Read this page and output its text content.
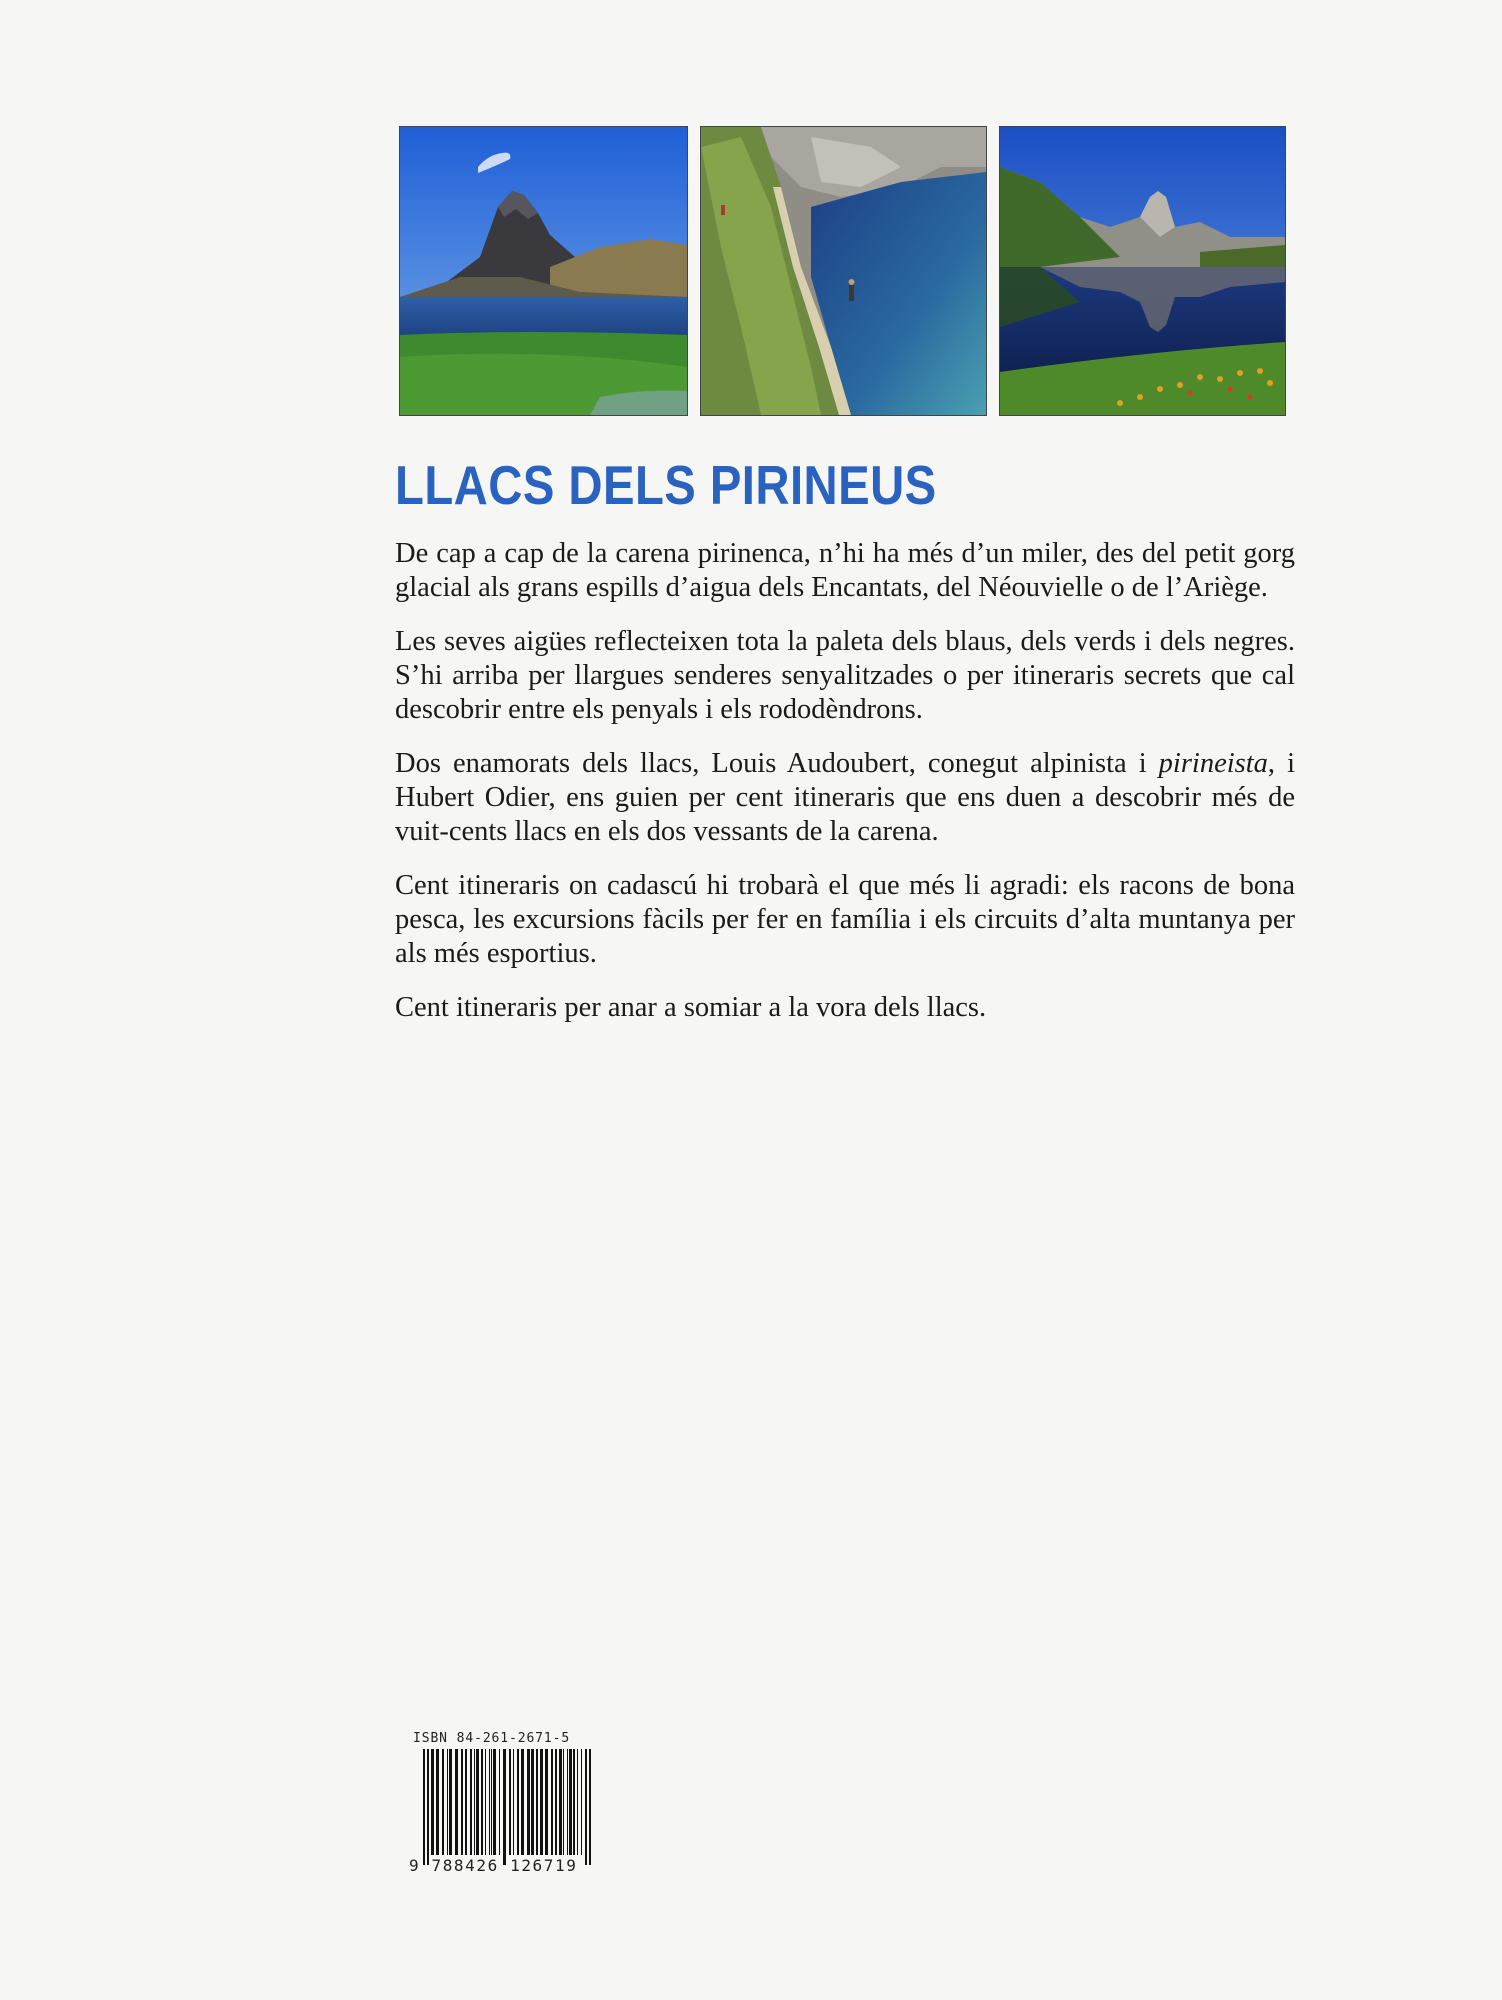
LLACS DELS PIRINEUS

De cap a cap de la carena pirinenca, n’hi ha més d’un miler, des del petit gorg glacial als grans espills d’aigua dels Encantats, del Néouvielle o de l’Ariège.

Les seves aigües reflecteixen tota la paleta dels blaus, dels verds i dels negres. S’hi arriba per llargues senderes senyalitzades o per itineraris secrets que cal descobrir entre els penyals i els rododèndrons.

Dos enamorats dels llacs, Louis Audoubert, conegut alpinista i pirineista, i Hubert Odier, ens guien per cent itineraris que ens duen a descobrir més de vuit-cents llacs en els dos vessants de la carena.

Cent itineraris on cadascú hi trobarà el que més li agradi: els racons de bona pesca, les excursions fàcils per fer en família i els circuits d’alta muntanya per als més esportius.

Cent itineraris per anar a somiar a la vora dels llacs.

ISBN 84-261-2671-5
9 788426 126719
